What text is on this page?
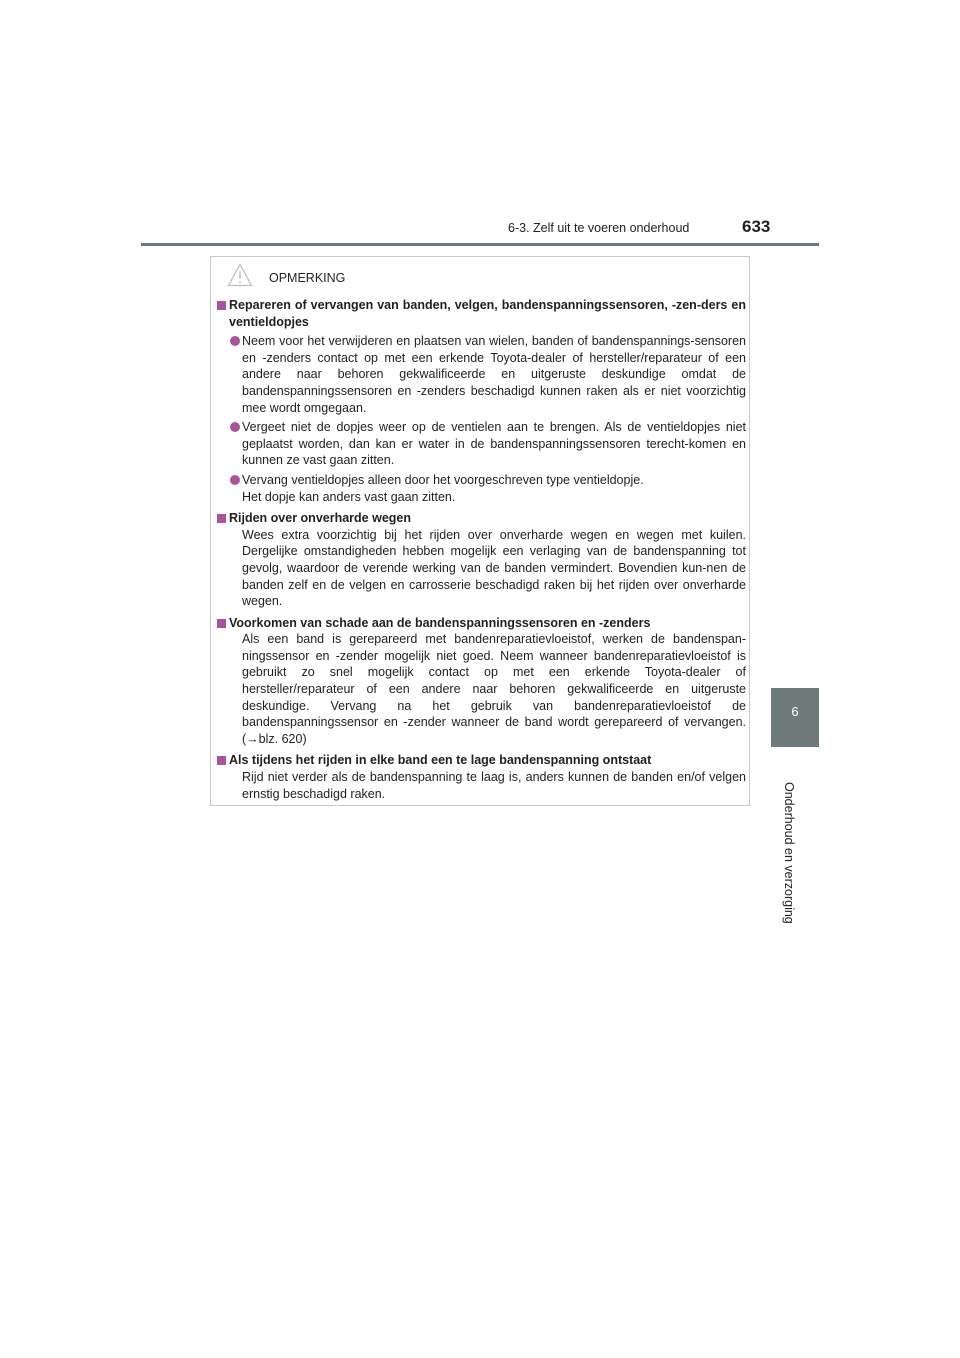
6-3. Zelf uit te voeren onderhoud	633
6
Onderhoud en verzorging
OPMERKING
Repareren of vervangen van banden, velgen, bandenspanningssensoren, -zen-ders en ventieldopjes
Neem voor het verwijderen en plaatsen van wielen, banden of bandenspannings-sensoren en -zenders contact op met een erkende Toyota-dealer of hersteller/reparateur of een andere naar behoren gekwalificeerde en uitgeruste deskundige omdat de bandenspanningssensoren en -zenders beschadigd kunnen raken als er niet voorzichtig mee wordt omgegaan.
Vergeet niet de dopjes weer op de ventielen aan te brengen. Als de ventieldopjes niet geplaatst worden, dan kan er water in de bandenspanningssensoren terecht-komen en kunnen ze vast gaan zitten.
Vervang ventieldopjes alleen door het voorgeschreven type ventieldopje.
Het dopje kan anders vast gaan zitten.
Rijden over onverharde wegen
Wees extra voorzichtig bij het rijden over onverharde wegen en wegen met kuilen. Dergelijke omstandigheden hebben mogelijk een verlaging van de bandenspanning tot gevolg, waardoor de verende werking van de banden vermindert. Bovendien kun-nen de banden zelf en de velgen en carrosserie beschadigd raken bij het rijden over onverharde wegen.
Voorkomen van schade aan de bandenspanningssensoren en -zenders
Als een band is gerepareerd met bandenreparatievloeistof, werken de bandenspan-ningssensor en -zender mogelijk niet goed. Neem wanneer bandenreparatievloeistof is gebruikt zo snel mogelijk contact op met een erkende Toyota-dealer of hersteller/reparateur of een andere naar behoren gekwalificeerde en uitgeruste deskundige. Vervang na het gebruik van bandenreparatievloeistof de bandenspanningssensor en -zender wanneer de band wordt gerepareerd of vervangen. (→blz. 620)
Als tijdens het rijden in elke band een te lage bandenspanning ontstaat
Rijd niet verder als de bandenspanning te laag is, anders kunnen de banden en/of velgen ernstig beschadigd raken.
